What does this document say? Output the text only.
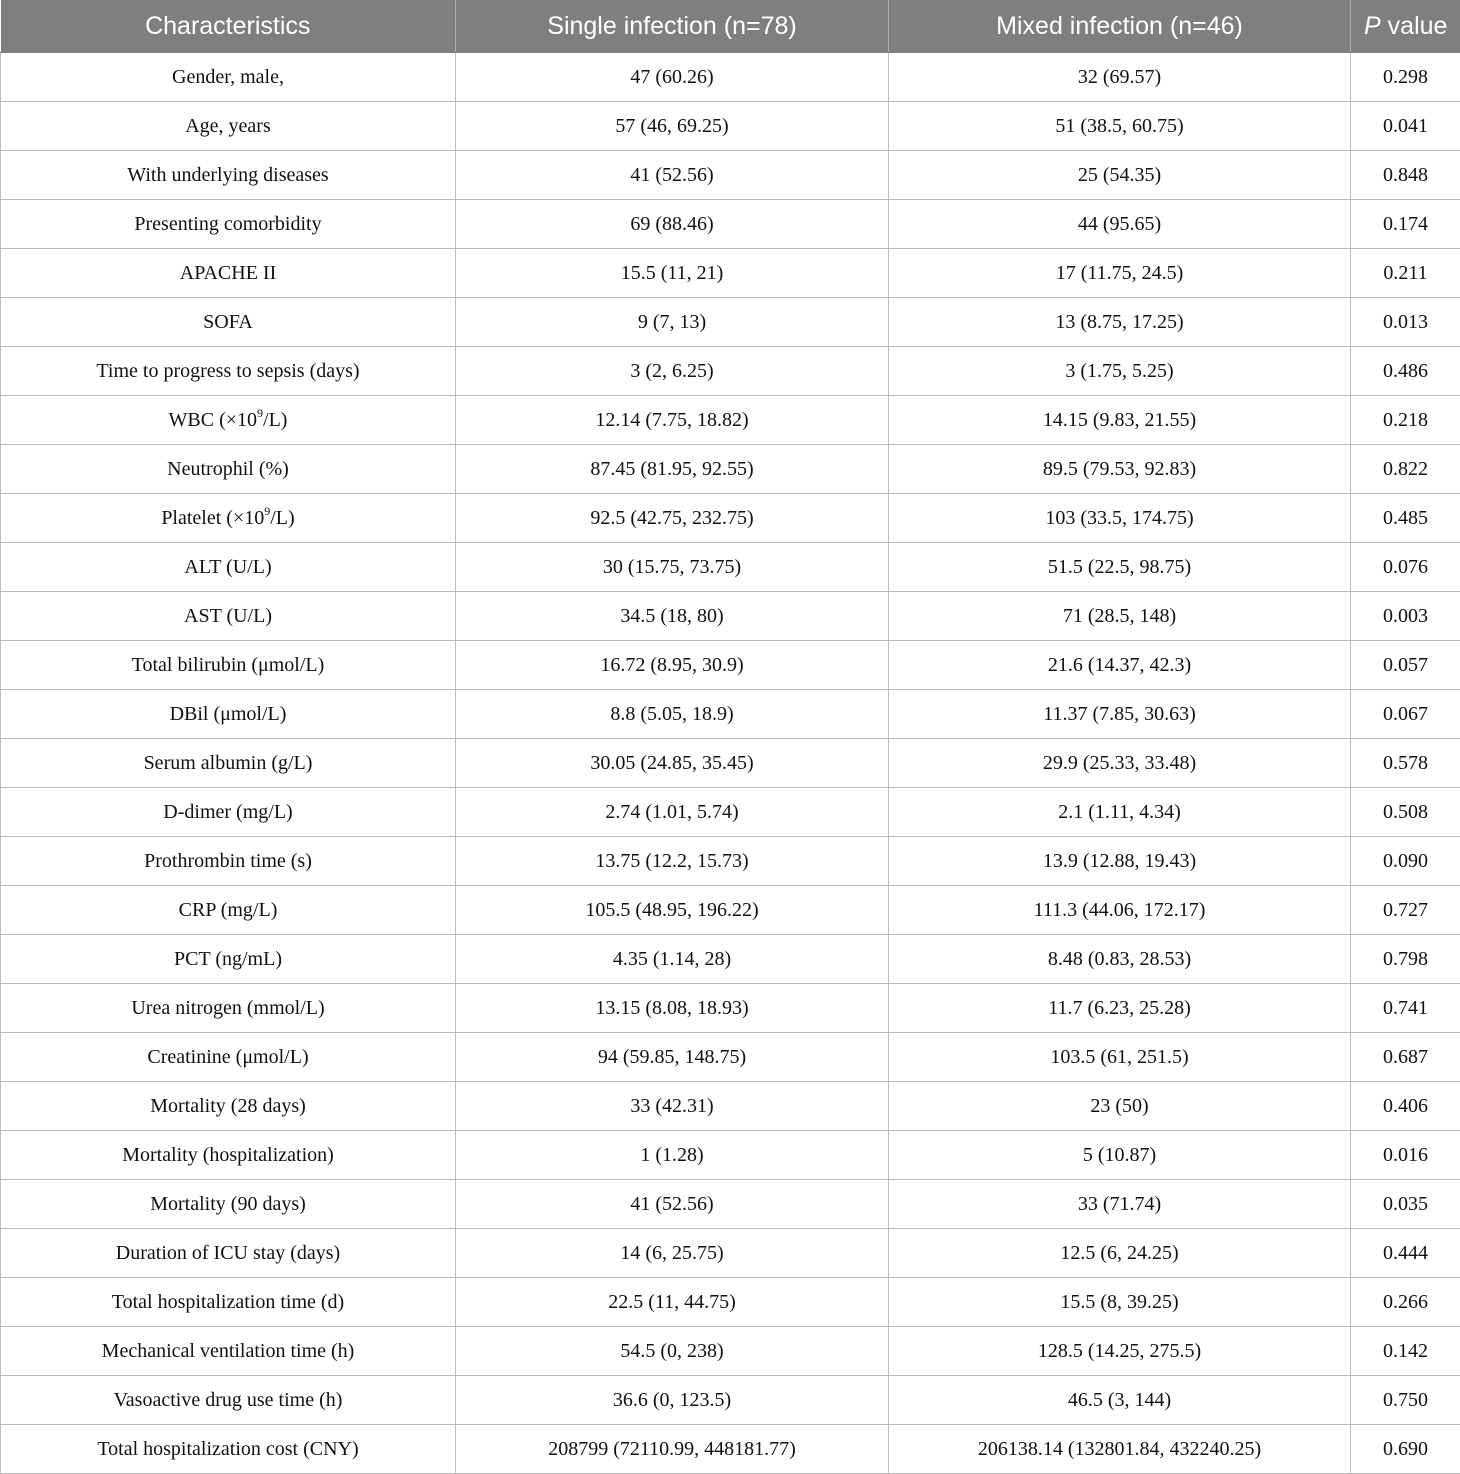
Characteristics	Single infection (n=78)	Mixed infection (n=46)	P value
Gender, male,	47 (60.26)	32 (69.57)	0.298
Age, years	57 (46, 69.25)	51 (38.5, 60.75)	0.041
With underlying diseases	41 (52.56)	25 (54.35)	0.848
Presenting comorbidity	69 (88.46)	44 (95.65)	0.174
APACHE II	15.5 (11, 21)	17 (11.75, 24.5)	0.211
SOFA	9 (7, 13)	13 (8.75, 17.25)	0.013
Time to progress to sepsis (days)	3 (2, 6.25)	3 (1.75, 5.25)	0.486
WBC $(\times 10^9/L)$	12.14 (7.75, 18.82)	14.15 (9.83, 21.55)	0.218
Neutrophil (%)	87.45 (81.95, 92.55)	89.5 (79.53, 92.83)	0.822
Platelet $(\times 10^9/L)$	92.5 (42.75, 232.75)	103 (33.5, 174.75)	0.485
ALT (U/L)	30 (15.75, 73.75)	51.5 (22.5, 98.75)	0.076
AST (U/L)	34.5 (18, 80)	71 (28.5, 148)	0.003
Total bilirubin (μmol/L)	16.72 (8.95, 30.9)	21.6 (14.37, 42.3)	0.057
DBil (μmol/L)	8.8 (5.05, 18.9)	11.37 (7.85, 30.63)	0.067
Serum albumin (g/L)	30.05 (24.85, 35.45)	29.9 (25.33, 33.48)	0.578
D-dimer (mg/L)	2.74 (1.01, 5.74)	2.1 (1.11, 4.34)	0.508
Prothrombin time (s)	13.75 (12.2, 15.73)	13.9 (12.88, 19.43)	0.090
CRP (mg/L)	105.5 (48.95, 196.22)	111.3 (44.06, 172.17)	0.727
PCT (ng/mL)	4.35 (1.14, 28)	8.48 (0.83, 28.53)	0.798
Urea nitrogen (mmol/L)	13.15 (8.08, 18.93)	11.7 (6.23, 25.28)	0.741
Creatinine (μmol/L)	94 (59.85, 148.75)	103.5 (61, 251.5)	0.687
Mortality (28 days)	33 (42.31)	23 (50)	0.406
Mortality (hospitalization)	1 (1.28)	5 (10.87)	0.016
Mortality (90 days)	41 (52.56)	33 (71.74)	0.035
Duration of ICU stay (days)	14 (6, 25.75)	12.5 (6, 24.25)	0.444
Total hospitalization time (d)	22.5 (11, 44.75)	15.5 (8, 39.25)	0.266
Mechanical ventilation time (h)	54.5 (0, 238)	128.5 (14.25, 275.5)	0.142
Vasoactive drug use time (h)	36.6 (0, 123.5)	46.5 (3, 144)	0.750
Total hospitalization cost (CNY)	208799 (72110.99, 448181.77)	206138.14 (132801.84, 432240.25)	0.690
